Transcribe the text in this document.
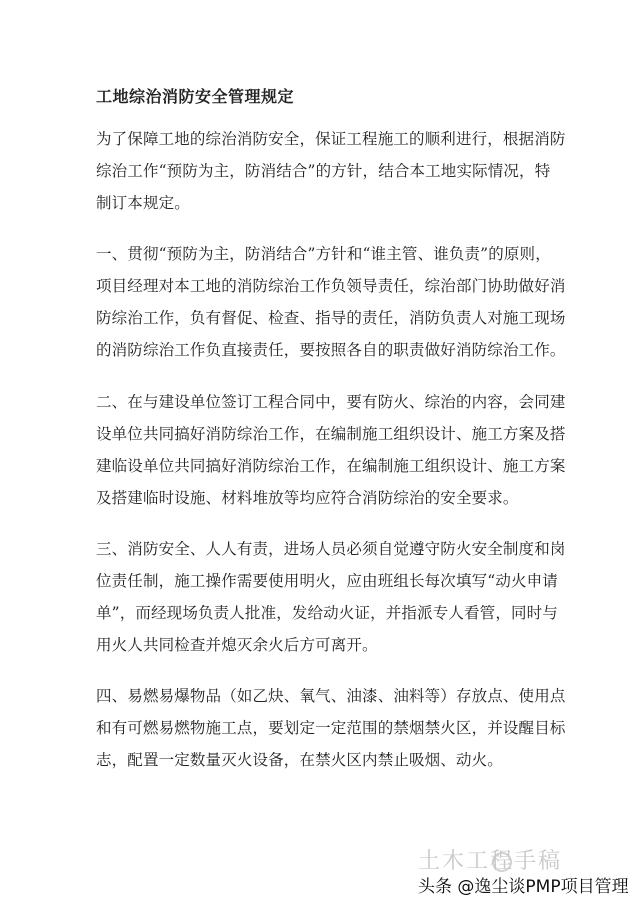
工地综治消防安全管理规定
为了保障工地的综治消防安全，保证工程施工的顺利进行，根据消防
综治工作“预防为主，防消结合”的方针，结合本工地实际情况，特
制订本规定。
一、贯彻“预防为主，防消结合”方针和“谁主管、谁负责”的原则，
项目经理对本工地的消防综治工作负领导责任，综治部门协助做好消
防综治工作，负有督促、检查、指导的责任，消防负责人对施工现场
的消防综治工作负直接责任，要按照各自的职责做好消防综治工作。
二、在与建设单位签订工程合同中，要有防火、综治的内容，会同建
设单位共同搞好消防综治工作，在编制施工组织设计、施工方案及搭
建临设单位共同搞好消防综治工作，在编制施工组织设计、施工方案
及搭建临时设施、材料堆放等均应符合消防综治的安全要求。
三、消防安全、人人有责，进场人员必须自觉遵守防火安全制度和岗
位责任制，施工操作需要使用明火，应由班组长每次填写“动火申请
单”，而经现场负责人批准，发给动火证，并指派专人看管，同时与
用火人共同检查并熄灭余火后方可离开。
四、易燃易爆物品（如乙炔、氧气、油漆、油料等）存放点、使用点
和有可燃易燃物施工点，要划定一定范围的禁烟禁火区，并设醒目标
志，配置一定数量灭火设备，在禁火区内禁止吸烟、动火。
土木工程手稿
头条 @逸尘谈PMP项目管理
